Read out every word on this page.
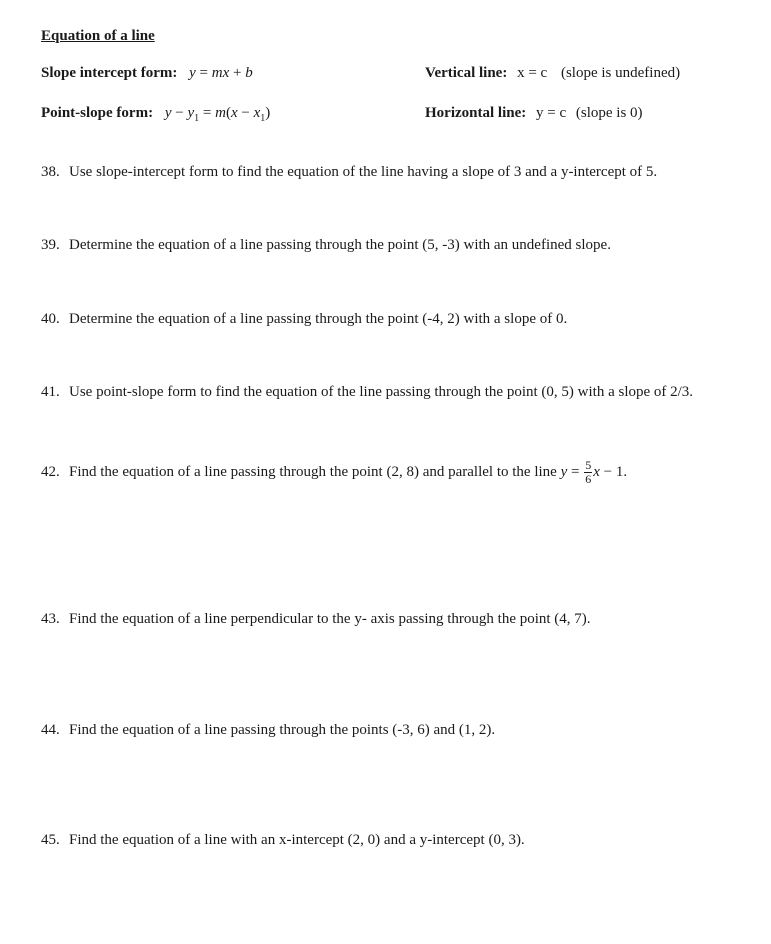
Equation of a line
Slope intercept form: y = mx + b	Vertical line: x = c (slope is undefined)
Point-slope form: $y - y_1 = m(x - x_1)$	Horizontal line: y = c (slope is 0)
38. Use slope-intercept form to find the equation of the line having a slope of 3 and a y-intercept of 5.
39. Determine the equation of a line passing through the point (5, -3) with an undefined slope.
40. Determine the equation of a line passing through the point (-4, 2) with a slope of 0.
41. Use point-slope form to find the equation of the line passing through the point (0, 5) with a slope of 2/3.
42. Find the equation of a line passing through the point (2, 8) and parallel to the line $y = \frac{5}{6}$ x − 1.
43. Find the equation of a line perpendicular to the y- axis passing through the point (4, 7).
44. Find the equation of a line passing through the points (-3, 6) and (1, 2).
45. Find the equation of a line with an x-intercept (2, 0) and a y-intercept (0, 3).
